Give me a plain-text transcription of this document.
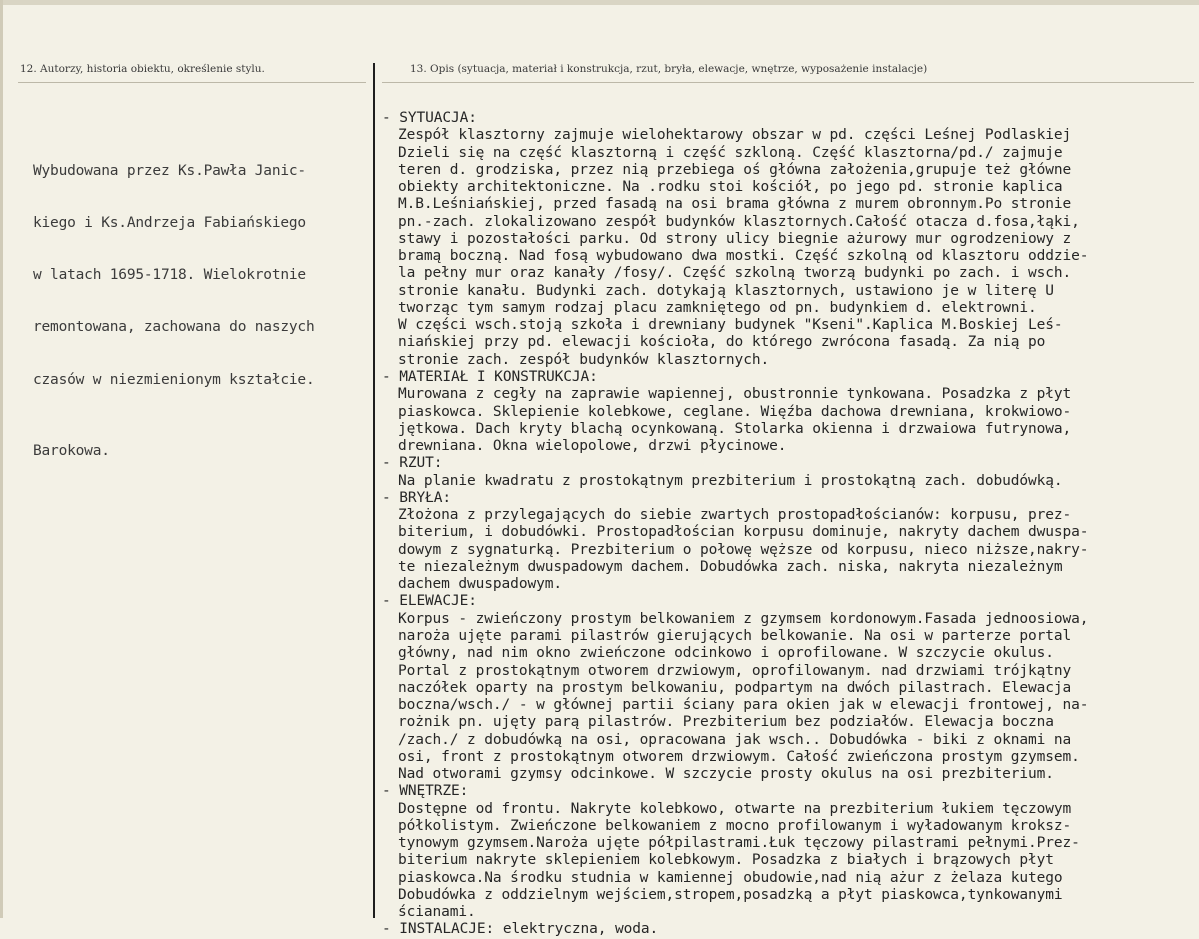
12. Autorzy, historia obiektu, określenie stylu.	13. Opis (sytuacja, materiał i konstrukcja, rzut, bryła, elewacje, wnętrze, wyposażenie instalacje)

Wybudowana przez Ks.Pawła Janic-

kiego i Ks.Andrzeja Fabiańskiego

w latach 1695-1718. Wielokrotnie

remontowana, zachowana do naszych

czasów w niezmienionym kształcie.

Barokowa.
- SYTUACJA:
Zespół klasztorny zajmuje wielohektarowy obszar w pd. części Leśnej Podlaskiej
Dzieli się na część klasztorną i część szkloną. Część klasztorna/pd./ zajmuje
teren d. grodziska, przez nią przebiega oś główna założenia,grupuje też główne
obiekty architektoniczne. Na .rodku stoi kościół, po jego pd. stronie kaplica
M.B.Leśniańskiej, przed fasadą na osi brama główna z murem obronnym.Po stronie
pn.-zach. zlokalizowano zespół budynków klasztornych.Całość otacza d.fosa,łąki,
stawy i pozostałości parku. Od strony ulicy biegnie ażurowy mur ogrodzeniowy z
bramą boczną. Nad fosą wybudowano dwa mostki. Część szkolną od klasztoru oddzie-
la pełny mur oraz kanały /fosy/. Część szkolną tworzą budynki po zach. i wsch.
stronie kanału. Budynki zach. dotykają klasztornych, ustawiono je w literę U
tworząc tym samym rodzaj placu zamkniętego od pn. budynkiem d. elektrowni.
W części wsch.stoją szkoła i drewniany budynek "Kseni".Kaplica M.Boskiej Leś-
niańskiej przy pd. elewacji kościoła, do którego zwrócona fasadą. Za nią po
stronie zach. zespół budynków klasztornych.
- MATERIAŁ I KONSTRUKCJA:
Murowana z cegły na zaprawie wapiennej, obustronnie tynkowana. Posadzka z płyt
piaskowca. Sklepienie kolebkowe, ceglane. Więźba dachowa drewniana, krokwiowo-
jętkowa. Dach kryty blachą ocynkowaną. Stolarka okienna i drzwaiowa futrynowa,
drewniana. Okna wielopolowe, drzwi płycinowe.
- RZUT:
Na planie kwadratu z prostokątnym prezbiterium i prostokątną zach. dobudówką.
- BRYŁA:
Złożona z przylegających do siebie zwartych prostopadłościanów: korpusu, prez-
biterium, i dobudówki. Prostopadłościan korpusu dominuje, nakryty dachem dwuspa-
dowym z sygnaturką. Prezbiterium o połowę węższe od korpusu, nieco niższe,nakry-
te niezależnym dwuspadowym dachem. Dobudówka zach. niska, nakryta niezależnym
dachem dwuspadowym.
- ELEWACJE:
Korpus - zwieńczony prostym belkowaniem z gzymsem kordonowym.Fasada jednoosiowa,
naroża ujęte parami pilastrów gierujących belkowanie. Na osi w parterze portal
główny, nad nim okno zwieńczone odcinkowo i oprofilowane. W szczycie okulus.
Portal z prostokątnym otworem drzwiowym, oprofilowanym. nad drzwiami trójkątny
naczółek oparty na prostym belkowaniu, podpartym na dwóch pilastrach. Elewacja
boczna/wsch./ - w głównej partii ściany para okien jak w elewacji frontowej, na-
rożnik pn. ujęty parą pilastrów. Prezbiterium bez podziałów. Elewacja boczna
/zach./ z dobudówką na osi, opracowana jak wsch.. Dobudówka - biki z oknami na
osi, front z prostokątnym otworem drzwiowym. Całość zwieńczona prostym gzymsem.
Nad otworami gzymsy odcinkowe. W szczycie prosty okulus na osi prezbiterium.
- WNĘTRZE:
Dostępne od frontu. Nakryte kolebkowo, otwarte na prezbiterium łukiem tęczowym
półkolistym. Zwieńczone belkowaniem z mocno profilowanym i wyładowanym kroksz-
tynowym gzymsem.Naroża ujęte półpilastrami.Łuk tęczowy pilastrami pełnymi.Prez-
biterium nakryte sklepieniem kolebkowym. Posadzka z białych i brązowych płyt
piaskowca.Na środku studnia w kamiennej obudowie,nad nią ażur z żelaza kutego
Dobudówka z oddzielnym wejściem,stropem,posadzką a płyt piaskowca,tynkowanymi
ścianami.
- INSTALACJE: elektryczna, woda.
